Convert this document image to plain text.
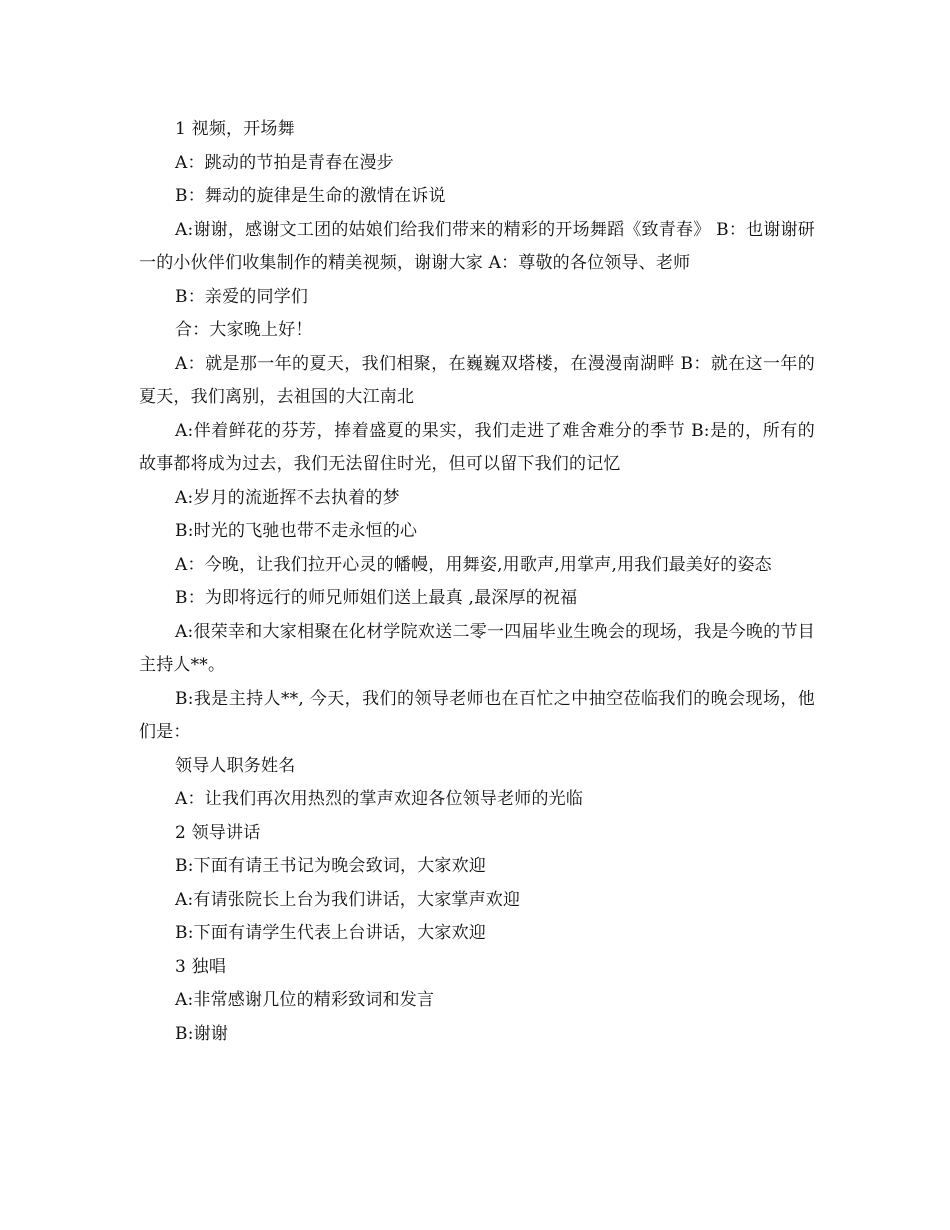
1 视频，开场舞

A：跳动的节拍是青春在漫步

B：舞动的旋律是生命的激情在诉说

A:谢谢，感谢文工团的姑娘们给我们带来的精彩的开场舞蹈《致青春》 B：也谢谢研一的小伙伴们收集制作的精美视频，谢谢大家 A：尊敬的各位领导、老师

B：亲爱的同学们

合：大家晚上好！

A：就是那一年的夏天，我们相聚，在巍巍双塔楼，在漫漫南湖畔 B：就在这一年的夏天，我们离别，去祖国的大江南北

A:伴着鲜花的芬芳，捧着盛夏的果实，我们走进了难舍难分的季节 B:是的，所有的故事都将成为过去，我们无法留住时光，但可以留下我们的记忆

A:岁月的流逝挥不去执着的梦

B:时光的飞驰也带不走永恒的心

A：今晚，让我们拉开心灵的幡幔，用舞姿,用歌声,用掌声,用我们最美好的姿态

B：为即将远行的师兄师姐们送上最真 ,最深厚的祝福

A:很荣幸和大家相聚在化材学院欢送二零一四届毕业生晚会的现场，我是今晚的节目主持人**。

B:我是主持人**, 今天，我们的领导老师也在百忙之中抽空莅临我们的晚会现场，他们是：

领导人职务姓名

A：让我们再次用热烈的掌声欢迎各位领导老师的光临

2 领导讲话

B:下面有请王书记为晚会致词，大家欢迎

A:有请张院长上台为我们讲话，大家掌声欢迎

B:下面有请学生代表上台讲话，大家欢迎

3 独唱

A:非常感谢几位的精彩致词和发言

B:谢谢
